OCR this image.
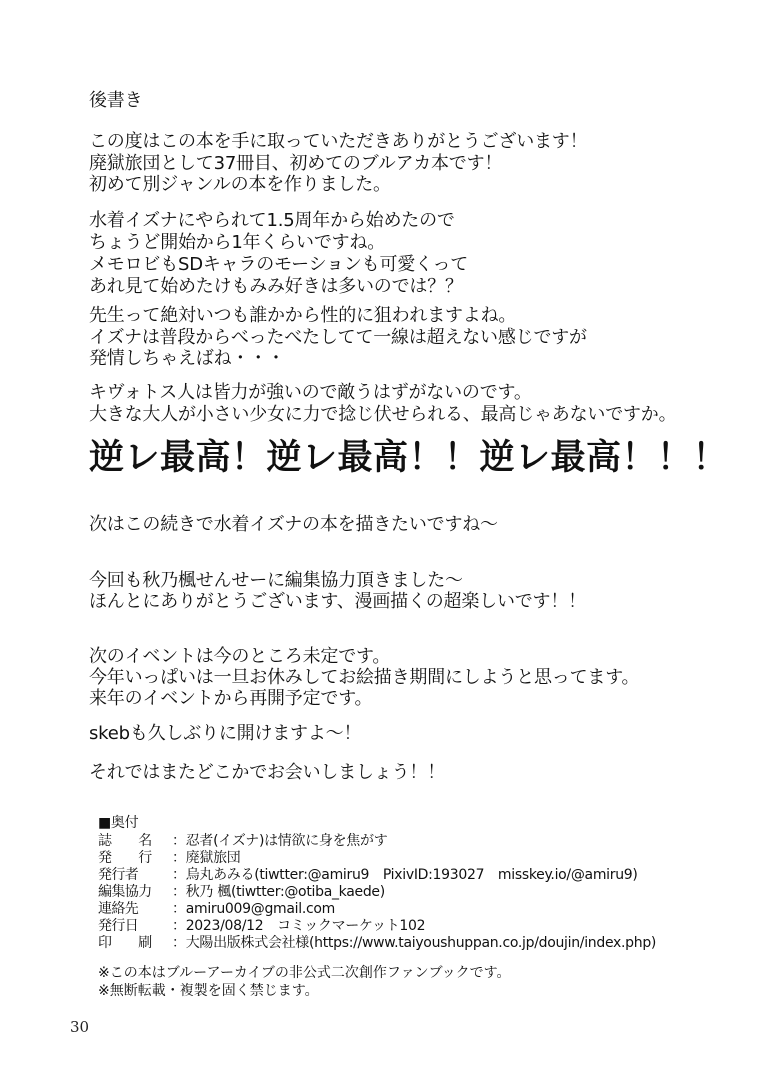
後書き
この度はこの本を手に取っていただきありがとうございます！
廃獄旅団として37冊目、初めてのブルアカ本です！
初めて別ジャンルの本を作りました。
水着イズナにやられて1.5周年から始めたので
ちょうど開始から1年くらいですね。
メモロビもSDキャラのモーションも可愛くって
あれ見て始めたけもみみ好きは多いのでは？？
先生って絶対いつも誰かから性的に狙われますよね。
イズナは普段からべったべたしてて一線は超えない感じですが
発情しちゃえばね・・・
キヴォトス人は皆力が強いので敵うはずがないのです。
大きな大人が小さい少女に力で捻じ伏せられる、最高じゃあないですか。
逆レ最高！逆レ最高！！逆レ最高！！！
次はこの続きで水着イズナの本を描きたいですね～
今回も秋乃楓せんせーに編集協力頂きました～
ほんとにありがとうございます、漫画描くの超楽しいです！！
次のイベントは今のところ未定です。
今年いっぱいは一旦お休みしてお絵描き期間にしようと思ってます。
来年のイベントから再開予定です。
skebも久しぶりに開けますよ～！
それではまたどこかでお会いしましょう！！
■奥付
誌　　名 ：忍者(イズナ)は情欲に身を焦がす
発　　行 ：廃獄旅団
発行者 ：烏丸あみる(tiwtter:@amiru9　PixivID:193027　misskey.io/@amiru9)
編集協力 ：秋乃 楓(tiwtter:@otiba_kaede)
連絡先 ：amiru009@gmail.com
発行日 ：2023/08/12　コミックマーケット102
印　　刷 ：大陽出版株式会社様(https://www.taiyoushuppan.co.jp/doujin/index.php)
※この本はブルーアーカイブの非公式二次創作ファンブックです。
※無断転載・複製を固く禁じます。
30
